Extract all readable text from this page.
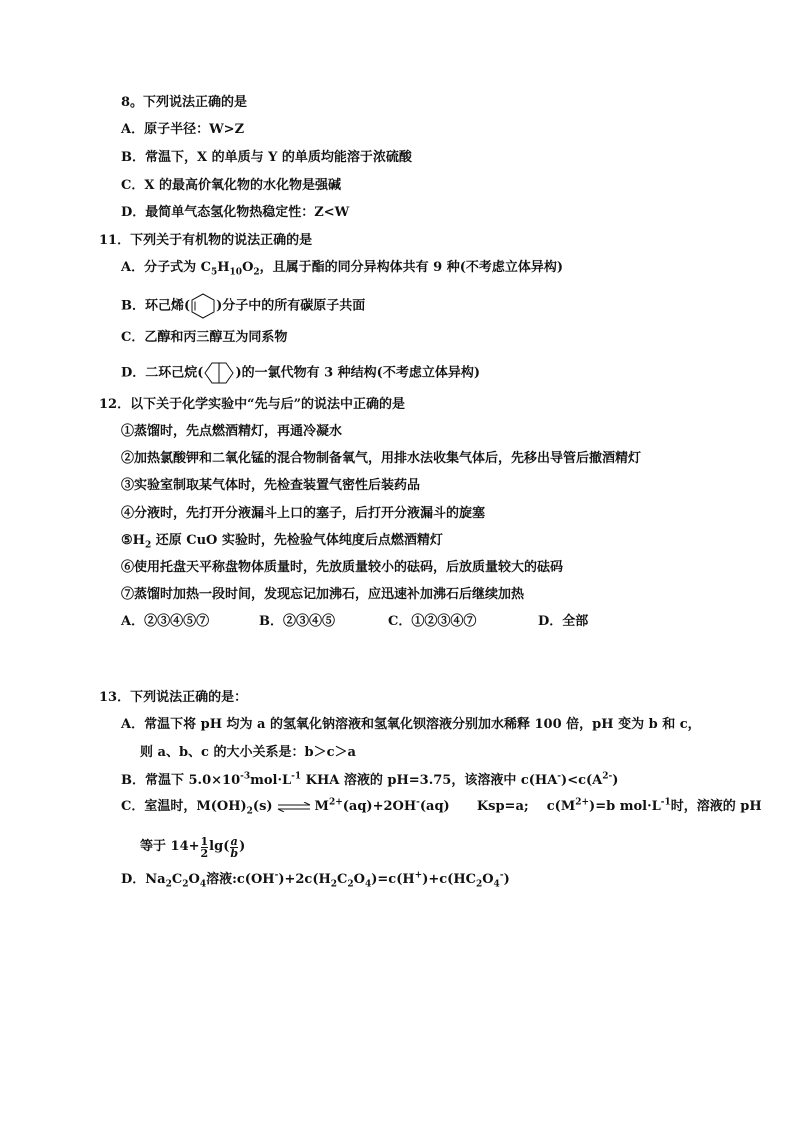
8。下列说法正确的是
A．原子半径：W>Z
B．常温下，X 的单质与 Y 的单质均能溶于浓硫酸
C．X 的最高价氧化物的水化物是强碱
D．最简单气态氢化物热稳定性：Z<W
11．下列关于有机物的说法正确的是
A．分子式为 $C_5H_{10}O_2$，且属于酯的同分异构体共有 9 种(不考虑立体异构)
B．环己烯( )分子中的所有碳原子共面
C．乙醇和丙三醇互为同系物
D．二环己烷( )的一氯代物有 3 种结构(不考虑立体异构)
12．以下关于化学实验中“先与后”的说法中正确的是
①蒸馏时，先点燃酒精灯，再通冷凝水
②加热氯酸钾和二氧化锰的混合物制备氧气，用排水法收集气体后，先移出导管后撤酒精灯
③实验室制取某气体时，先检查装置气密性后装药品
④分液时，先打开分液漏斗上口的塞子，后打开分液漏斗的旋塞
$⑤H_2$ 还原 CuO 实验时，先检验气体纯度后点燃酒精灯
⑥使用托盘天平称盘物体质量时，先放质量较小的砝码，后放质量较大的砝码
⑦蒸馏时加热一段时间，发现忘记加沸石，应迅速补加沸石后继续加热
A．②③④⑤⑦	B．②③④⑤	C．①②③④⑦	D．全部
13．下列说法正确的是：
A．常温下将 pH 均为 a 的氢氧化钠溶液和氢氧化钡溶液分别加水稀释 100 倍，pH 变为 b 和 c，
则 a、b、c 的大小关系是：b＞c＞a
B．常温下 $5.0\times 10^{-3}mol\cdot L^{-1}$ KHA 溶液的 pH=3.75，该溶液中 $c(HA^-)<c(A^{2-})$
C．室温时，$M(OH)_2(s)$ ⇌ $M^{2+}(aq)+2OH^-(aq)$      Ksp=a;    $c(M^{2+})=b$ $mol\cdot L^{-1}$时，溶液的 pH
等于 $14+ \frac{1}{2} \lg( \frac{a}{b}$ )
D．$Na_2C_2O_4$溶液$:c(OH^-)+2c(H_2C_2O_4)=c(H^+)+c(HC_2O_4^-)$
